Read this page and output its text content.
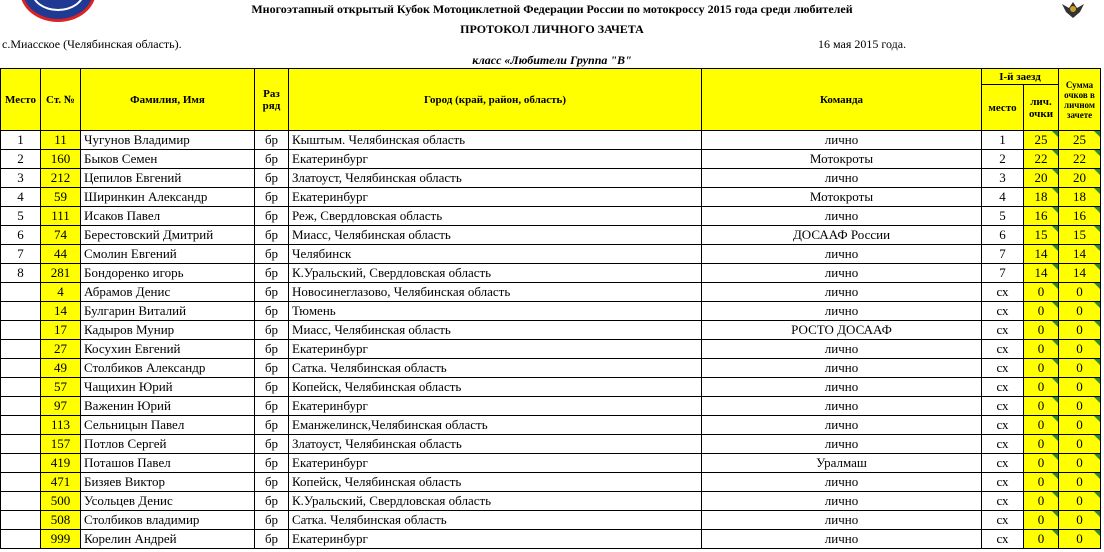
Многоэтапный открытый Кубок Мотоциклетной Федерации России по мотокроссу 2015 года среди любителей
ПРОТОКОЛ ЛИЧНОГО ЗАЧЕТА
с.Миасское (Челябинская область).	16 мая 2015 года.
класс «Любители Группа "В"
Место	Ст. №	Фамилия, Имя	Раз ряд	Город (край, район, область)	Команда	I-й заезд		Сумма очков в личном зачете
						место	лич. очки	
1	11	Чугунов Владимир	бр	Кыштым. Челябинская область	лично	1	25	25
2	160	Быков Семен	бр	Екатеринбург	Мотокроты	2	22	22
3	212	Цепилов Евгений	бр	Златоуст, Челябинская область	лично	3	20	20
4	59	Ширинкин Александр	бр	Екатеринбург	Мотокроты	4	18	18
5	111	Исаков Павел	бр	Реж, Свердловская область	лично	5	16	16
6	74	Берестовский Дмитрий	бр	Миасс, Челябинская область	ДОСААФ России	6	15	15
7	44	Смолин Евгений	бр	Челябинск	лично	7	14	14
8	281	Бондоренко игорь	бр	К.Уральский, Свердловская область	лично	7	14	14
	4	Абрамов Денис	бр	Новосинеглазово, Челябинская область	лично	сх	0	0
	14	Булгарин Виталий	бр	Тюмень	лично	сх	0	0
	17	Кадыров Мунир	бр	Миасс, Челябинская область	РОСТО ДОСААФ	сх	0	0
	27	Косухин Евгений	бр	Екатеринбург	лично	сх	0	0
	49	Столбиков Александр	бр	Сатка. Челябинская область	лично	сх	0	0
	57	Чащихин Юрий	бр	Копейск, Челябинская область	лично	сх	0	0
	97	Важенин Юрий	бр	Екатеринбург	лично	сх	0	0
	113	Сельницын Павел	бр	Еманжелинск,Челябинская область	лично	сх	0	0
	157	Потлов Сергей	бр	Златоуст, Челябинская область	лично	сх	0	0
	419	Поташов Павел	бр	Екатеринбург	Уралмаш	сх	0	0
	471	Бизяев Виктор	бр	Копейск, Челябинская область	лично	сх	0	0
	500	Усольцев Денис	бр	К.Уральский, Свердловская область	лично	сх	0	0
	508	Столбиков владимир	бр	Сатка. Челябинская область	лично	сх	0	0
	999	Корелин Андрей	бр	Екатеринбург	лично	сх	0	0
